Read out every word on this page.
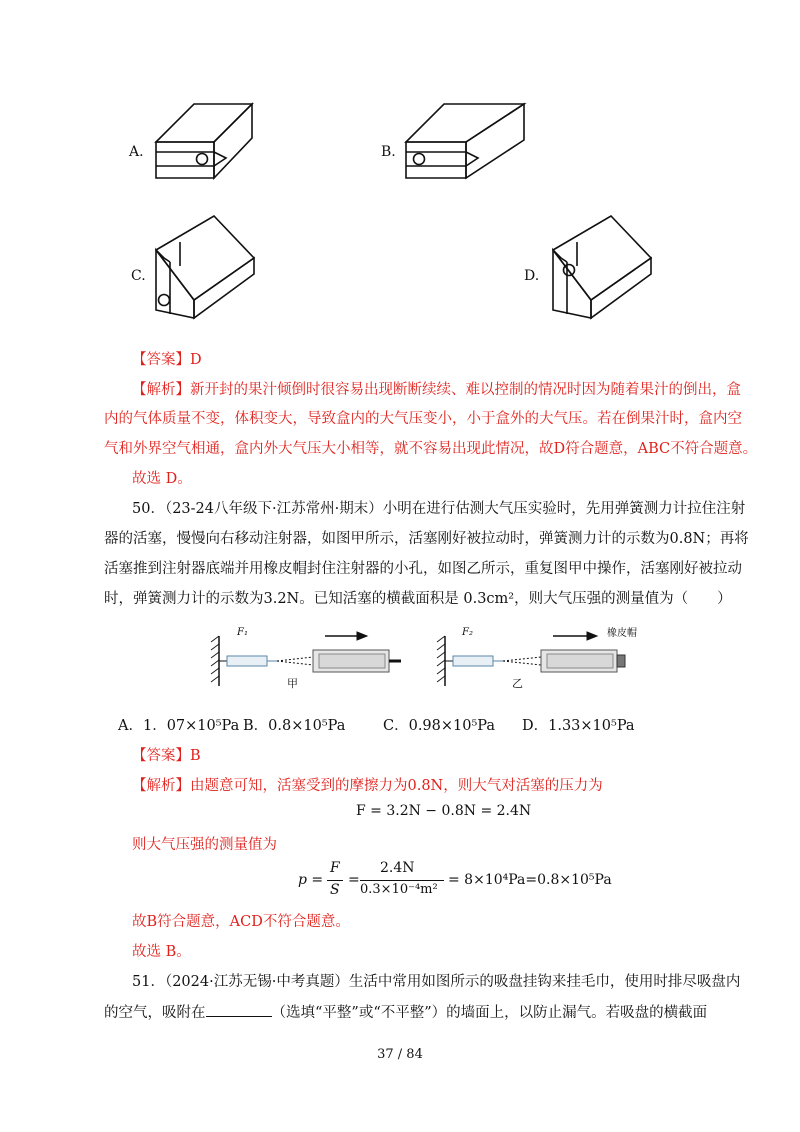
A.	B.
C.	D.
【答案】D
【解析】新开封的果汁倾倒时很容易出现断断续续、难以控制的情况时因为随着果汁的倒出，盒
内的气体质量不变，体积变大，导致盒内的大气压变小，小于盒外的大气压。若在倒果汁时，盒内空
气和外界空气相通，盒内外大气压大小相等，就不容易出现此情况，故D符合题意，ABC不符合题意。
故选 D。
50．（23-24八年级下·江苏常州·期末）小明在进行估测大气压实验时，先用弹簧测力计拉住注射
器的活塞，慢慢向右移动注射器，如图甲所示，活塞刚好被拉动时，弹簧测力计的示数为0.8N；再将
活塞推到注射器底端并用橡皮帽封住注射器的小孔，如图乙所示，重复图甲中操作，活塞刚好被拉动
时，弹簧测力计的示数为3.2N。已知活塞的横截面积是 0.3cm²，则大气压强的测量值为（　　）
F₁	F₂	橡皮帽
甲	乙
A．1．07×10⁵Pa B．0.8×10⁵Pa	C．0.98×10⁵Pa D．1.33×10⁵Pa
【答案】B
【解析】由题意可知，活塞受到的摩擦力为0.8N，则大气对活塞的压力为
F = 3.2N − 0.8N = 2.4N
则大气压强的测量值为
p =
F
S
=
2.4N
0.3×10⁻⁴m²
= 8×10⁴Pa=0.8×10⁵Pa
故B符合题意，ACD不符合题意。
故选 B。
51．（2024·江苏无锡·中考真题）生活中常用如图所示的吸盘挂钩来挂毛巾，使用时排尽吸盘内
的空气，吸附在	（选填“平整”或“不平整”）的墙面上，以防止漏气。若吸盘的横截面
37 / 84
